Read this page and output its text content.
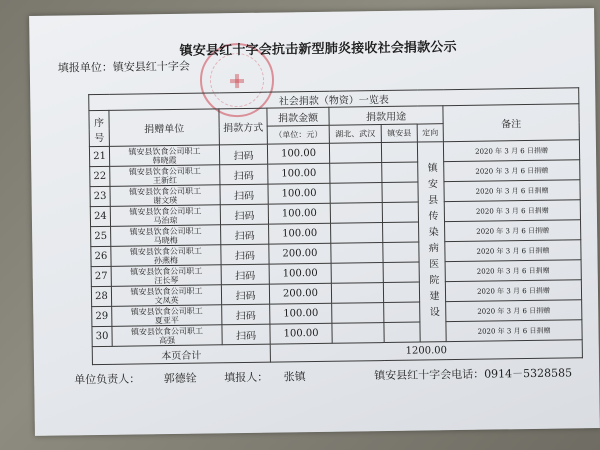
镇安县红十字会抗击新型肺炎接收社会捐款公示
填报单位：镇安县红十字会
社会捐款（物资）一览表							
序号	捐赠单位	捐款方式	捐款金额	捐款用途			备注
			（单位：元）	湖北、武汉	镇安县	定向	
21	镇安县饮食公司职工
韩晓霞	扫码	100.00			镇安县传染病医院建设	2020 年 3 月 6 日捐赠
22	镇安县饮食公司职工
王新红	扫码	100.00				2020 年 3 月 6 日捐赠
23	镇安县饮食公司职工
谢文瑛	扫码	100.00				2020 年 3 月 6 日捐赠
24	镇安县饮食公司职工
马治琼	扫码	100.00				2020 年 3 月 6 日捐赠
25	镇安县饮食公司职工
马晓梅	扫码	100.00				2020 年 3 月 6 日捐赠
26	镇安县饮食公司职工
孙燕梅	扫码	200.00				2020 年 3 月 6 日捐赠
27	镇安县饮食公司职工
汪长琴	扫码	100.00				2020 年 3 月 6 日捐赠
28	镇安县饮食公司职工
文凤英	扫码	200.00				2020 年 3 月 6 日捐赠
29	镇安县饮食公司职工
夏亚平	扫码	100.00				2020 年 3 月 6 日捐赠
30	镇安县饮食公司职工
高强	扫码	100.00				2020 年 3 月 6 日捐赠
本页合计			1200.00				
单位负责人： 郭德铨 填报人： 张镇	镇安县红十字会电话：0914－5328585
